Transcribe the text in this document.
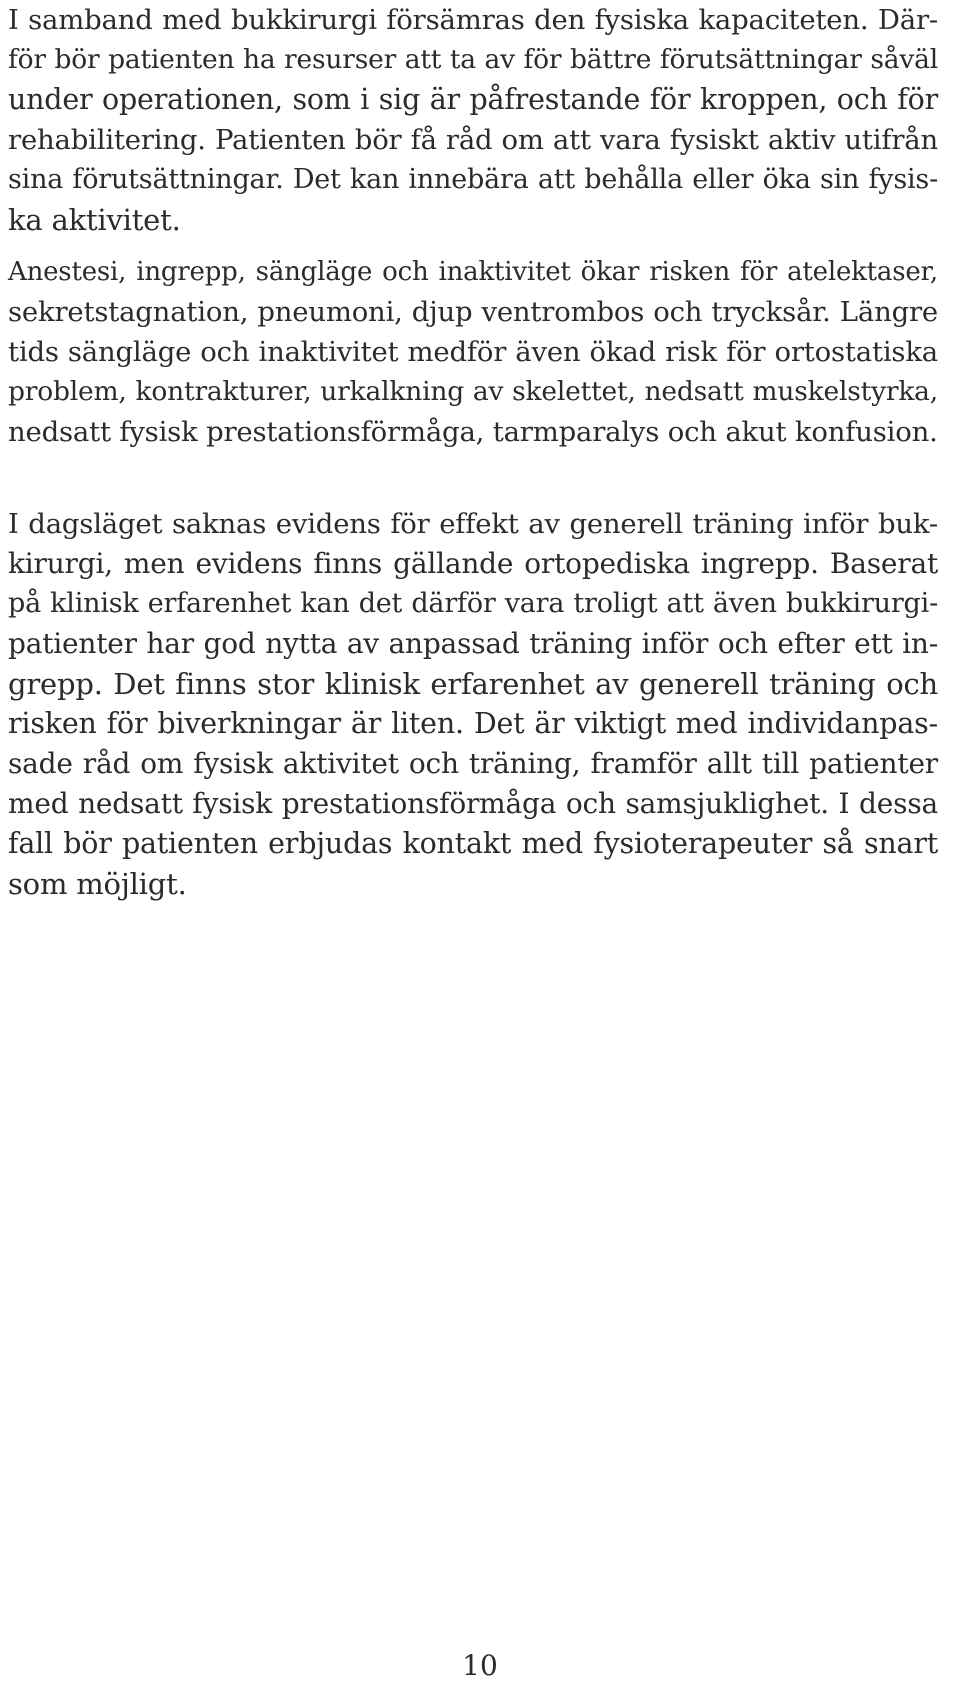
I samband med bukkirurgi försämras den fysiska kapaciteten. Där-
för bör patienten ha resurser att ta av för bättre förutsättningar såväl
under operationen, som i sig är påfrestande för kroppen, och för
rehabilitering. Patienten bör få råd om att vara fysiskt aktiv utifrån
sina förutsättningar. Det kan innebära att behålla eller öka sin fysis-
ka aktivitet.
Anestesi, ingrepp, sängläge och inaktivitet ökar risken för atelektaser,
sekretstagnation, pneumoni, djup ventrombos och trycksår. Längre
tids sängläge och inaktivitet medför även ökad risk för ortostatiska
problem, kontrakturer, urkalkning av skelettet, nedsatt muskelstyrka,
nedsatt fysisk prestationsförmåga, tarmparalys och akut konfusion.
I dagsläget saknas evidens för effekt av generell träning inför buk-
kirurgi, men evidens finns gällande ortopediska ingrepp. Baserat
på klinisk erfarenhet kan det därför vara troligt att även bukkirurgi-
patienter har god nytta av anpassad träning inför och efter ett in-
grepp. Det finns stor klinisk erfarenhet av generell träning och
risken för biverkningar är liten. Det är viktigt med individanpas-
sade råd om fysisk aktivitet och träning, framför allt till patienter
med nedsatt fysisk prestationsförmåga och samsjuklighet. I dessa
fall bör patienten erbjudas kontakt med fysioterapeuter så snart
som möjligt.
10
